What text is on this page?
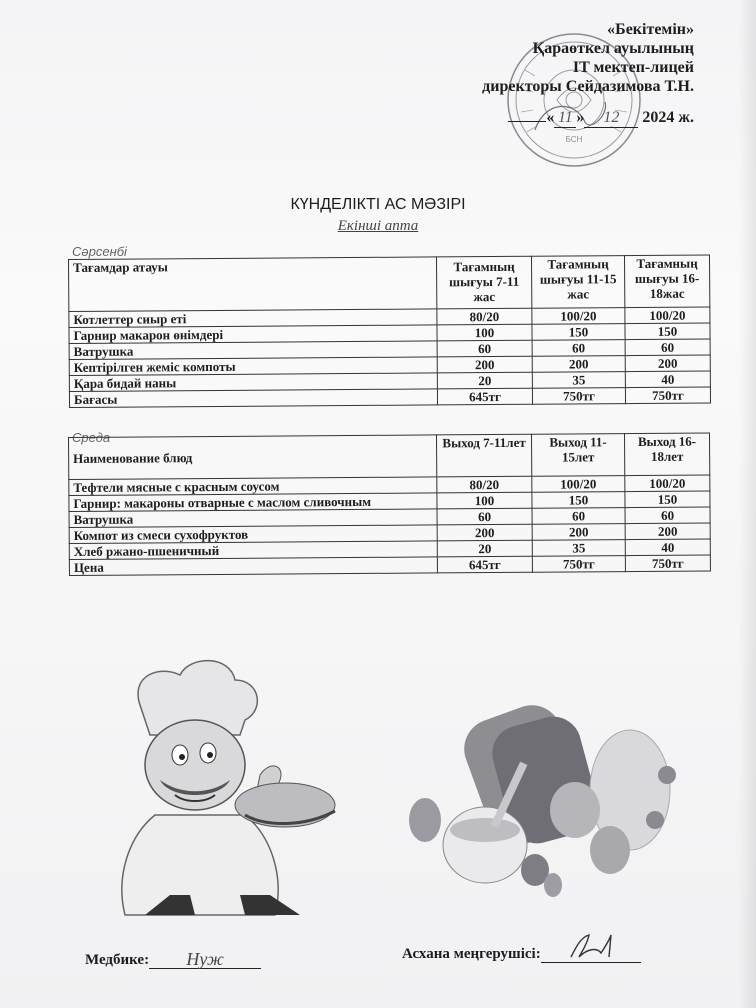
БСН
«Бекітемін»
Қараөткел ауылының
IT мектеп-лицей
директоры Сейдазимова Т.Н.
« 11 » 12 2024 ж.
КҮНДЕЛІКТІ АС МӘЗІРІ
Екінші апта
Сәрсенбі
Тағамдар атауы	Тағамның шығуы 7-11 жас	Тағамның шығуы 11-15 жас	Тағамның шығуы 16-18жас
Котлеттер сиыр еті	80/20	100/20	100/20
Гарнир макарон өнімдері	100	150	150
Ватрушка	60	60	60
Кептірілген жеміс компоты	200	200	200
Қара бидай наны	20	35	40
Бағасы	645тг	750тг	750тг
Среда
Наименование блюд	Выход 7-11лет	Выход 11-15лет	Выход 16-18лет
Тефтели мясные с красным соусом	80/20	100/20	100/20
Гарнир: макароны отварные с маслом сливочным	100	150	150
Ватрушка	60	60	60
Компот из смеси сухофруктов	200	200	200
Хлеб ржано-пшеничный	20	35	40
Цена	645тг	750тг	750тг
Медбике: Нуж	Асхана меңгерушісі:
